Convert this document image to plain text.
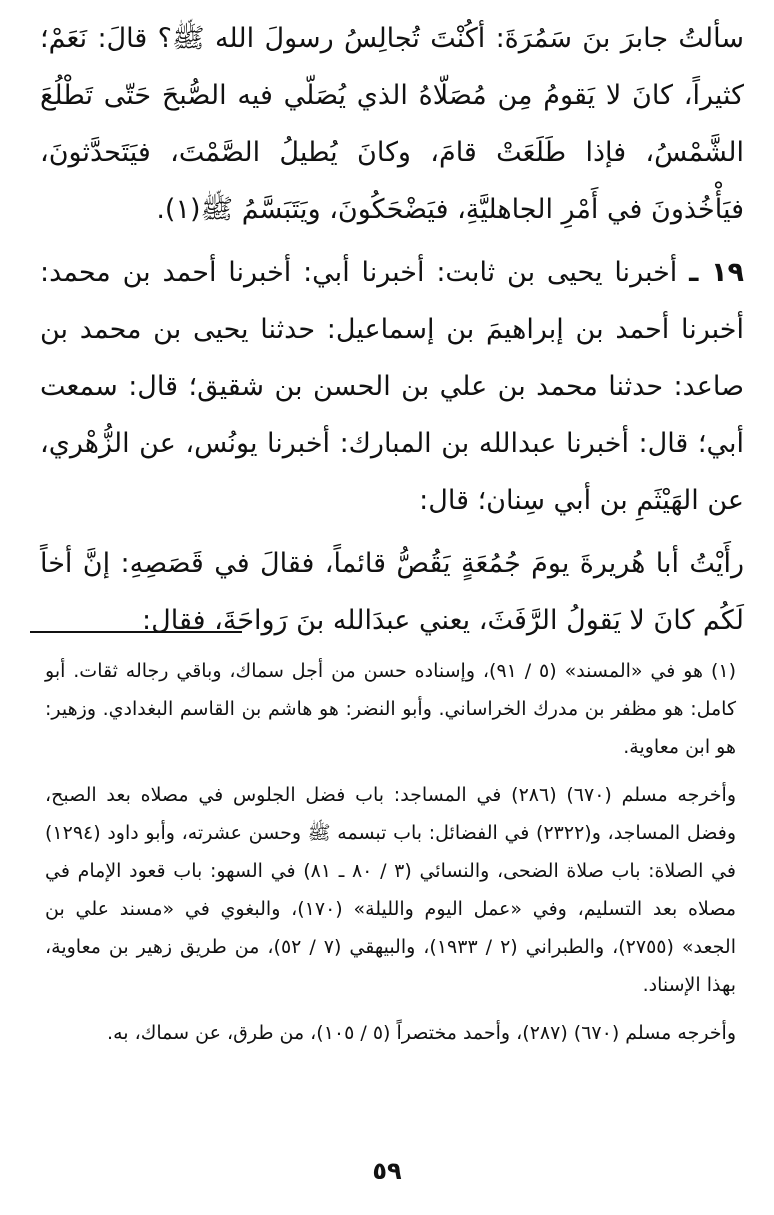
سألتُ جابرَ بنَ سَمُرَةَ: أكُنْتَ تُجالِسُ رسولَ الله ﷺ؟ قالَ: نَعَمْ؛ كثيراً، كانَ لا يَقومُ مِن مُصَلّاهُ الذي يُصَلّي فيه الصُّبحَ حَتّى تَطْلُعَ الشَّمْسُ، فإذا طَلَعَتْ قامَ، وكانَ يُطيلُ الصَّمْتَ، فيَتَحدَّثونَ، فيَأْخُذونَ في أَمْرِ الجاهليَّةِ، فيَضْحَكُونَ، ويَتَبَسَّمُ ﷺ(١).

١٩ ـ أخبرنا يحيى بن ثابت: أخبرنا أبي: أخبرنا أحمد بن محمد: أخبرنا أحمد بن إبراهيمَ بن إسماعيل: حدثنا يحيى بن محمد بن صاعد: حدثنا محمد بن علي بن الحسن بن شقيق؛ قال: سمعت أبي؛ قال: أخبرنا عبدالله بن المبارك: أخبرنا يونُس، عن الزُّهْري، عن الهَيْثَمِ بن أبي سِنان؛ قال:

رأَيْتُ أبا هُريرةَ يومَ جُمُعَةٍ يَقُصُّ قائماً، فقالَ في قَصَصِهِ: إنَّ أخاً لَكُم كانَ لا يَقولُ الرَّفَثَ، يعني عبدَالله بنَ رَواحَةَ، فقال:

(١) هو في «المسند» (٥ / ٩١)، وإسناده حسن من أجل سماك، وباقي رجاله ثقات. أبو كامل: هو مظفر بن مدرك الخراساني. وأبو النضر: هو هاشم بن القاسم البغدادي. وزهير: هو ابن معاوية.

وأخرجه مسلم (٦٧٠) (٢٨٦) في المساجد: باب فضل الجلوس في مصلاه بعد الصبح، وفضل المساجد، و(٢٣٢٢) في الفضائل: باب تبسمه ﷺ وحسن عشرته، وأبو داود (١٢٩٤) في الصلاة: باب صلاة الضحى، والنسائي (٣ / ٨٠ ـ ٨١) في السهو: باب قعود الإمام في مصلاه بعد التسليم، وفي «عمل اليوم والليلة» (١٧٠)، والبغوي في «مسند علي بن الجعد» (٢٧٥٥)، والطبراني (٢ / ١٩٣٣)، والبيهقي (٧ / ٥٢)، من طريق زهير بن معاوية، بهذا الإسناد.

وأخرجه مسلم (٦٧٠) (٢٨٧)، وأحمد مختصراً (٥ / ١٠٥)، من طرق، عن سماك، به.

٥٩
